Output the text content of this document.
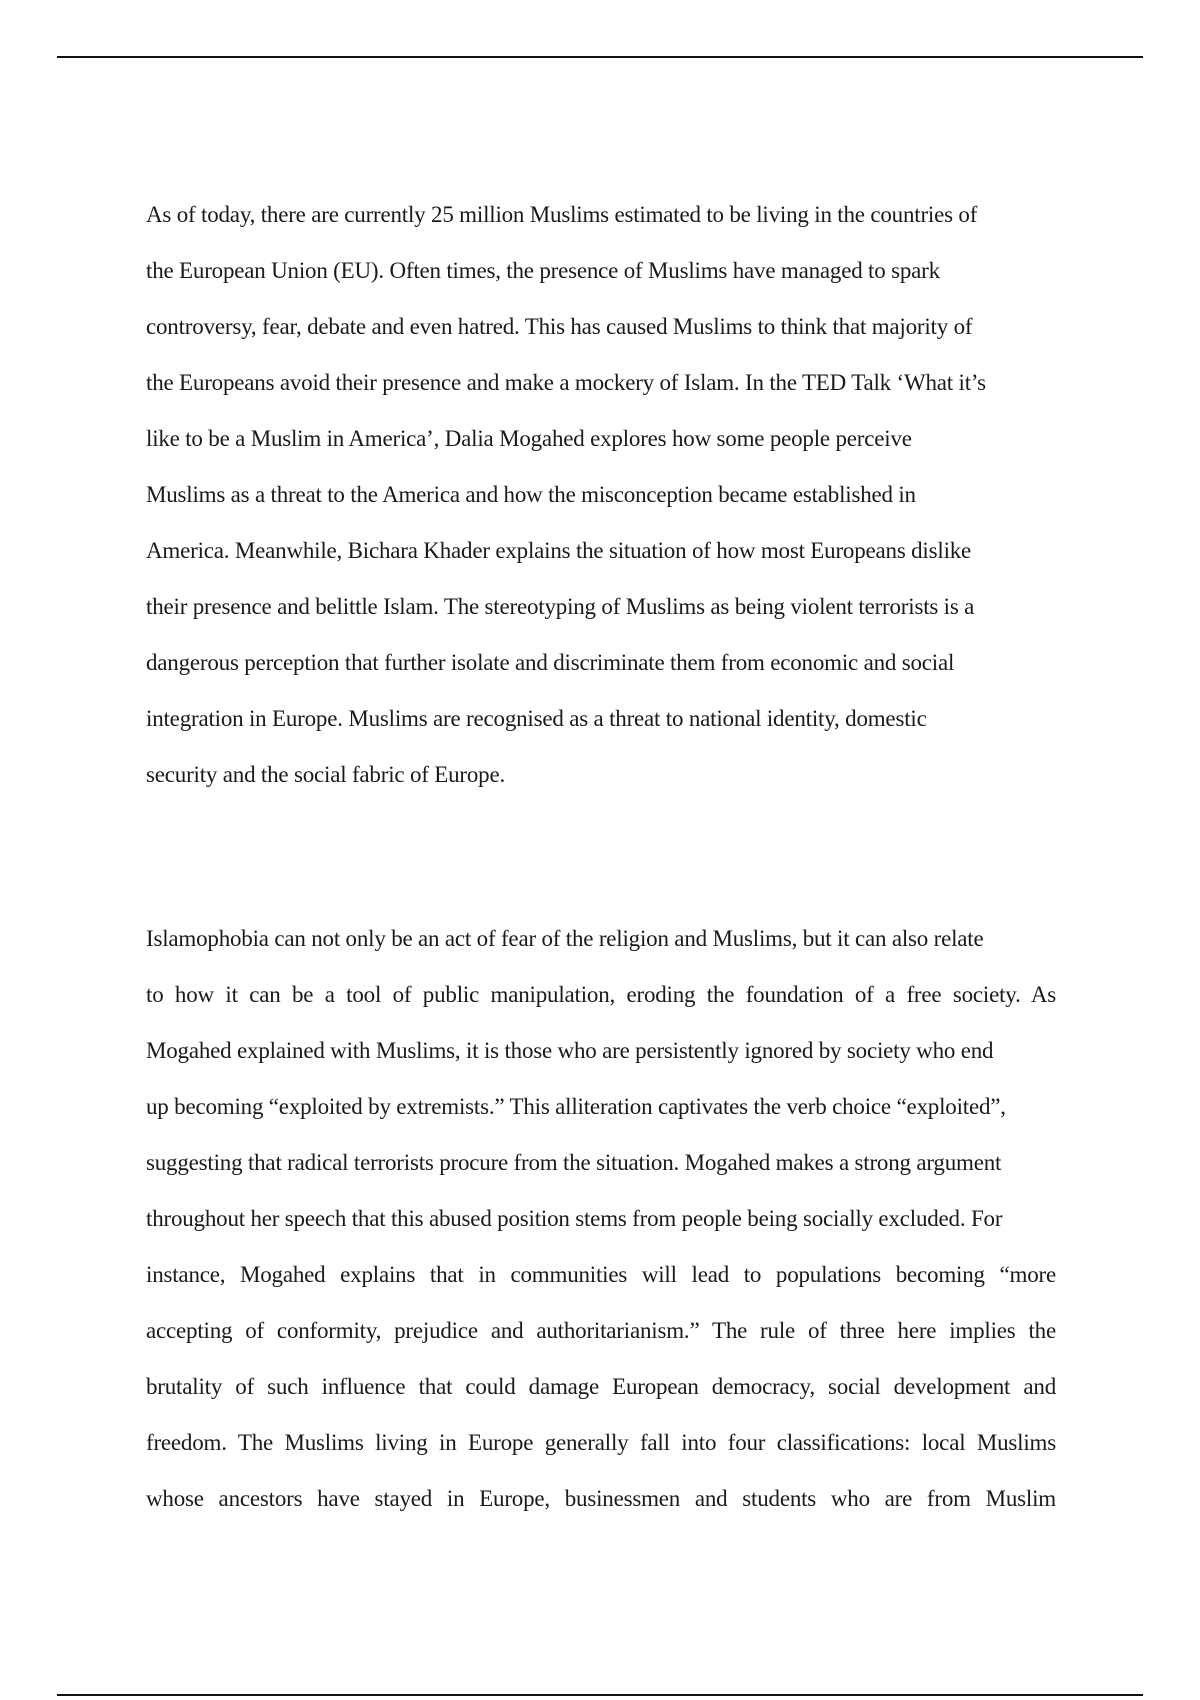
As of today, there are currently 25 million Muslims estimated to be living in the countries of
the European Union (EU). Often times, the presence of Muslims have managed to spark
controversy, fear, debate and even hatred. This has caused Muslims to think that majority of
the Europeans avoid their presence and make a mockery of Islam. In the TED Talk ‘What it’s
like to be a Muslim in America’, Dalia Mogahed explores how some people perceive
Muslims as a threat to the America and how the misconception became established in
America. Meanwhile, Bichara Khader explains the situation of how most Europeans dislike
their presence and belittle Islam. The stereotyping of Muslims as being violent terrorists is a
dangerous perception that further isolate and discriminate them from economic and social
integration in Europe. Muslims are recognised as a threat to national identity, domestic
security and the social fabric of Europe.
Islamophobia can not only be an act of fear of the religion and Muslims, but it can also relate
to how it can be a tool of public manipulation, eroding the foundation of a free society. As
Mogahed explained with Muslims, it is those who are persistently ignored by society who end
up becoming “exploited by extremists.” This alliteration captivates the verb choice “exploited”,
suggesting that radical terrorists procure from the situation. Mogahed makes a strong argument
throughout her speech that this abused position stems from people being socially excluded. For
instance, Mogahed explains that in communities will lead to populations becoming “more
accepting of conformity, prejudice and authoritarianism.” The rule of three here implies the
brutality of such influence that could damage European democracy, social development and
freedom. The Muslims living in Europe generally fall into four classifications: local Muslims
whose ancestors have stayed in Europe, businessmen and students who are from Muslim
